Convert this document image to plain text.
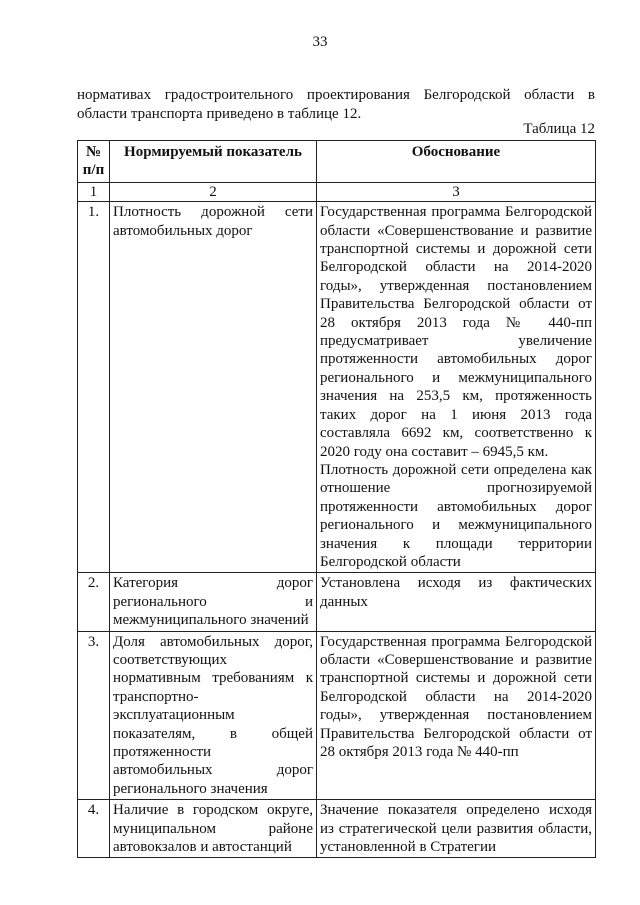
33

нормативах градостроительного проектирования Белгородской области в области транспорта приведено в таблице 12.

Таблица 12
№ п/п	Нормируемый показатель	Обоснование
1	2	3
1.	Плотность дорожной сети автомобильных дорог	Государственная программа Белгородской области «Совершенствование и развитие транспортной системы и дорожной сети Белгородской области на 2014-2020 годы», утвержденная постановлением Правительства Белгородской области от 28 октября 2013 года № 440-пп предусматривает увеличение протяженности автомобильных дорог регионального и межмуниципального значения на 253,5 км, протяженность таких дорог на 1 июня 2013 года составляла 6692 км, соответственно к 2020 году она составит – 6945,5 км.
Плотность дорожной сети определена как отношение прогнозируемой протяженности автомобильных дорог регионального и межмуниципального значения к площади территории Белгородской области

2.	Категория дорог регионального и межмуниципального значений	Установлена исходя из фактических данных

3.	Доля автомобильных дорог, соответствующих нормативным требованиям к транспортно-эксплуатационным показателям, в общей протяженности автомобильных дорог регионального значения	Государственная программа Белгородской области «Совершенствование и развитие транспортной системы и дорожной сети Белгородской области на 2014-2020 годы», утвержденная постановлением Правительства Белгородской области от 28 октября 2013 года № 440-пп

4.	Наличие в городском округе, муниципальном районе автовокзалов и автостанций	Значение показателя определено исходя из стратегической цели развития области, установленной в Стратегии
